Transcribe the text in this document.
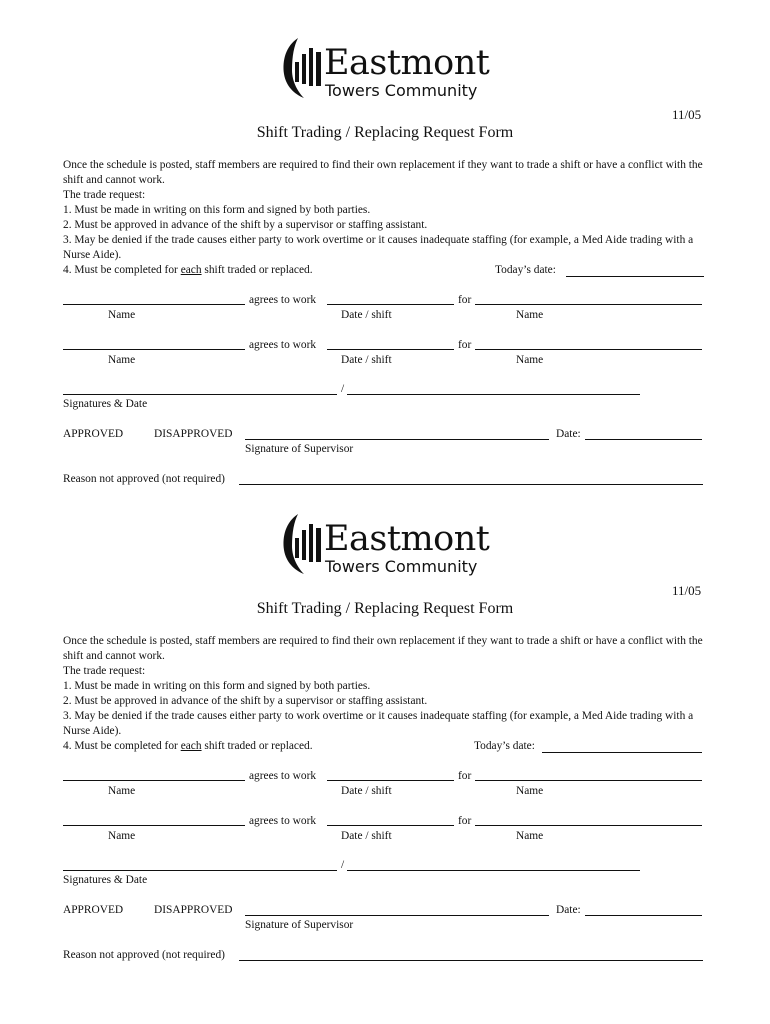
Eastmont
Towers Community
11/05
Shift Trading / Replacing Request Form
Once the schedule is posted, staff members are required to find their own replacement if they want to trade a shift or have a conflict with the shift and cannot work.
The trade request:
1. Must be made in writing on this form and signed by both parties.
2. Must be approved in advance of the shift by a supervisor or staffing assistant.
3. May be denied if the trade causes either party to work overtime or it causes inadequate staffing (for example, a Med Aide trading with a Nurse Aide).
4. Must be completed for each shift traded or replaced.	Today’s date:
agrees to work	for
Name	Date / shift	Name
agrees to work	for
Name	Date / shift	Name
/
Signatures & Date
APPROVED	DISAPPROVED	Date:
Signature of Supervisor
Reason not approved (not required)
Eastmont
Towers Community
11/05
Shift Trading / Replacing Request Form
Once the schedule is posted, staff members are required to find their own replacement if they want to trade a shift or have a conflict with the shift and cannot work.
The trade request:
1. Must be made in writing on this form and signed by both parties.
2. Must be approved in advance of the shift by a supervisor or staffing assistant.
3. May be denied if the trade causes either party to work overtime or it causes inadequate staffing (for example, a Med Aide trading with a Nurse Aide).
4. Must be completed for each shift traded or replaced.	Today’s date:
agrees to work	for
Name	Date / shift	Name
agrees to work	for
Name	Date / shift	Name
/
Signatures & Date
APPROVED	DISAPPROVED	Date:
Signature of Supervisor
Reason not approved (not required)
